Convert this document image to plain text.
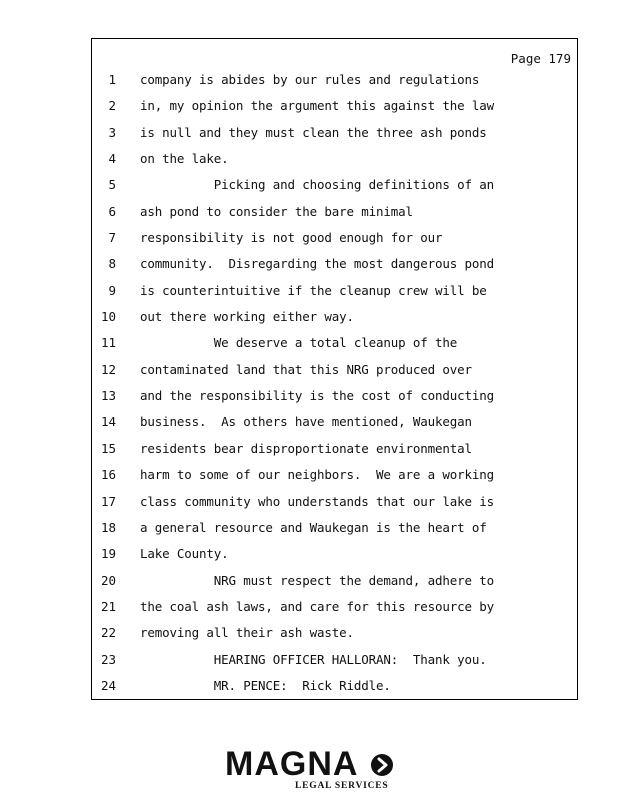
Page 179
1 company is abides by our rules and regulations
2 in, my opinion the argument this against the law
3 is null and they must clean the three ash ponds
4 on the lake.
5 Picking and choosing definitions of an
6 ash pond to consider the bare minimal
7 responsibility is not good enough for our
8 community.  Disregarding the most dangerous pond
9 is counterintuitive if the cleanup crew will be
10 out there working either way.
11 We deserve a total cleanup of the
12 contaminated land that this NRG produced over
13 and the responsibility is the cost of conducting
14 business.  As others have mentioned, Waukegan
15 residents bear disproportionate environmental
16 harm to some of our neighbors.  We are a working
17 class community who understands that our lake is
18 a general resource and Waukegan is the heart of
19 Lake County.
20 NRG must respect the demand, adhere to
21 the coal ash laws, and care for this resource by
22 removing all their ash waste.
23 HEARING OFFICER HALLORAN:  Thank you.
24 MR. PENCE:  Rick Riddle.
MAGNA
LEGAL SERVICES
